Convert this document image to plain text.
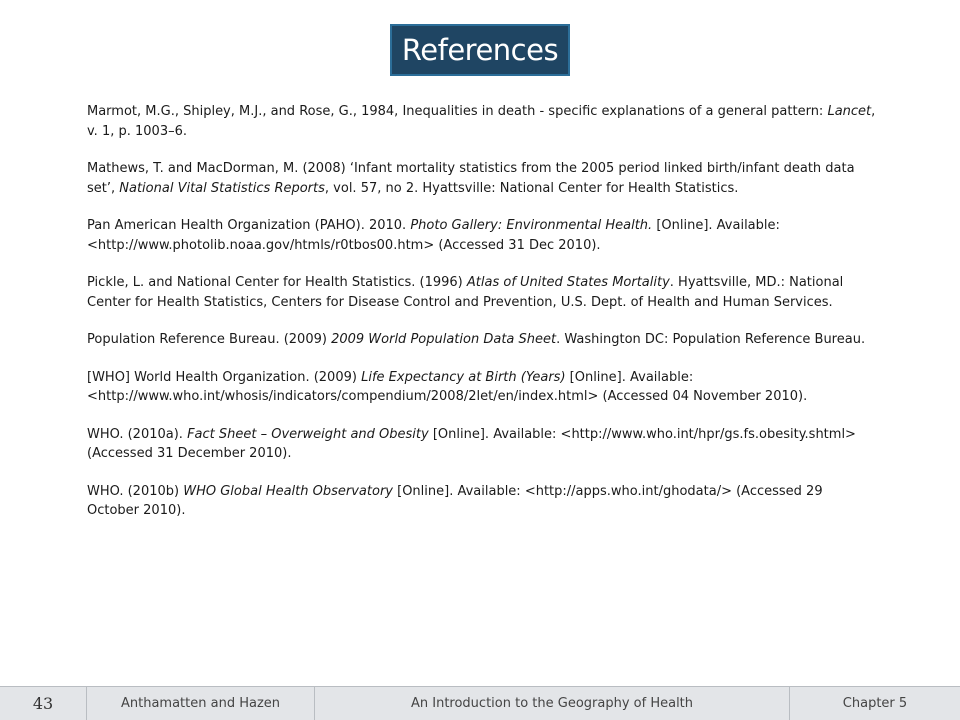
References

Marmot, M.G., Shipley, M.J., and Rose, G., 1984, Inequalities in death - specific explanations of a general pattern: Lancet, v. 1, p. 1003–6.

Mathews, T. and MacDorman, M. (2008) ‘Infant mortality statistics from the 2005 period linked birth/infant death data set’, National Vital Statistics Reports, vol. 57, no 2. Hyattsville: National Center for Health Statistics.

Pan American Health Organization (PAHO). 2010. Photo Gallery: Environmental Health. [Online]. Available: <http://www.photolib.noaa.gov/htmls/r0tbos00.htm> (Accessed 31 Dec 2010).

Pickle, L. and National Center for Health Statistics. (1996) Atlas of United States Mortality. Hyattsville, MD.: National Center for Health Statistics, Centers for Disease Control and Prevention, U.S. Dept. of Health and Human Services.

Population Reference Bureau. (2009) 2009 World Population Data Sheet. Washington DC: Population Reference Bureau.

[WHO] World Health Organization. (2009) Life Expectancy at Birth (Years) [Online]. Available: <http://www.who.int/whosis/indicators/compendium/2008/2let/en/index.html> (Accessed 04 November 2010).

WHO. (2010a). Fact Sheet – Overweight and Obesity [Online]. Available: <http://www.who.int/hpr/gs.fs.obesity.shtml> (Accessed 31 December 2010).

WHO. (2010b) WHO Global Health Observatory [Online]. Available: <http://apps.who.int/ghodata/> (Accessed 29 October 2010).

43	Anthamatten and Hazen	An Introduction to the Geography of Health	Chapter 5
